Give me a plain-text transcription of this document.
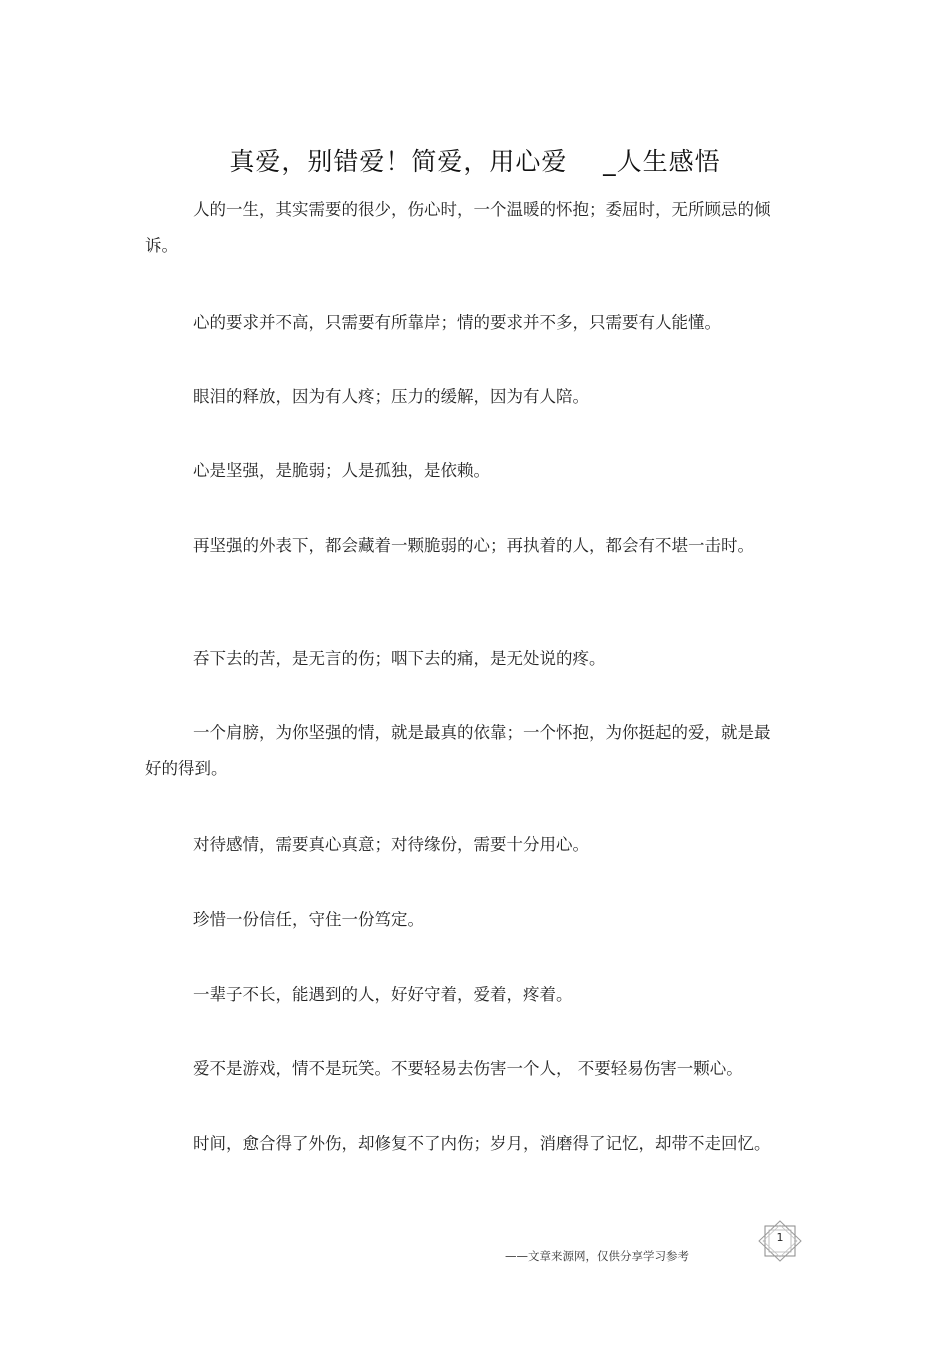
真爱，别错爱！简爱，用心爱    _人生感悟
人的一生，其实需要的很少，伤心时，一个温暖的怀抱；委屈时，无所顾忌的倾诉。
心的要求并不高，只需要有所靠岸；情的要求并不多，只需要有人能懂。
眼泪的释放，因为有人疼；压力的缓解，因为有人陪。
心是坚强，是脆弱；人是孤独，是依赖。
再坚强的外表下，都会藏着一颗脆弱的心；再执着的人，都会有不堪一击时。
吞下去的苦，是无言的伤；咽下去的痛，是无处说的疼。
一个肩膀，为你坚强的情，就是最真的依靠；一个怀抱，为你挺起的爱，就是最好的得到。
对待感情，需要真心真意；对待缘份，需要十分用心。
珍惜一份信任，守住一份笃定。
一辈子不长，能遇到的人，好好守着，爱着，疼着。
爱不是游戏，情不是玩笑。不要轻易去伤害一个人， 不要轻易伤害一颗心。
时间，愈合得了外伤，却修复不了内伤；岁月，消磨得了记忆，却带不走回忆。
——文章来源网，仅供分享学习参考
1
